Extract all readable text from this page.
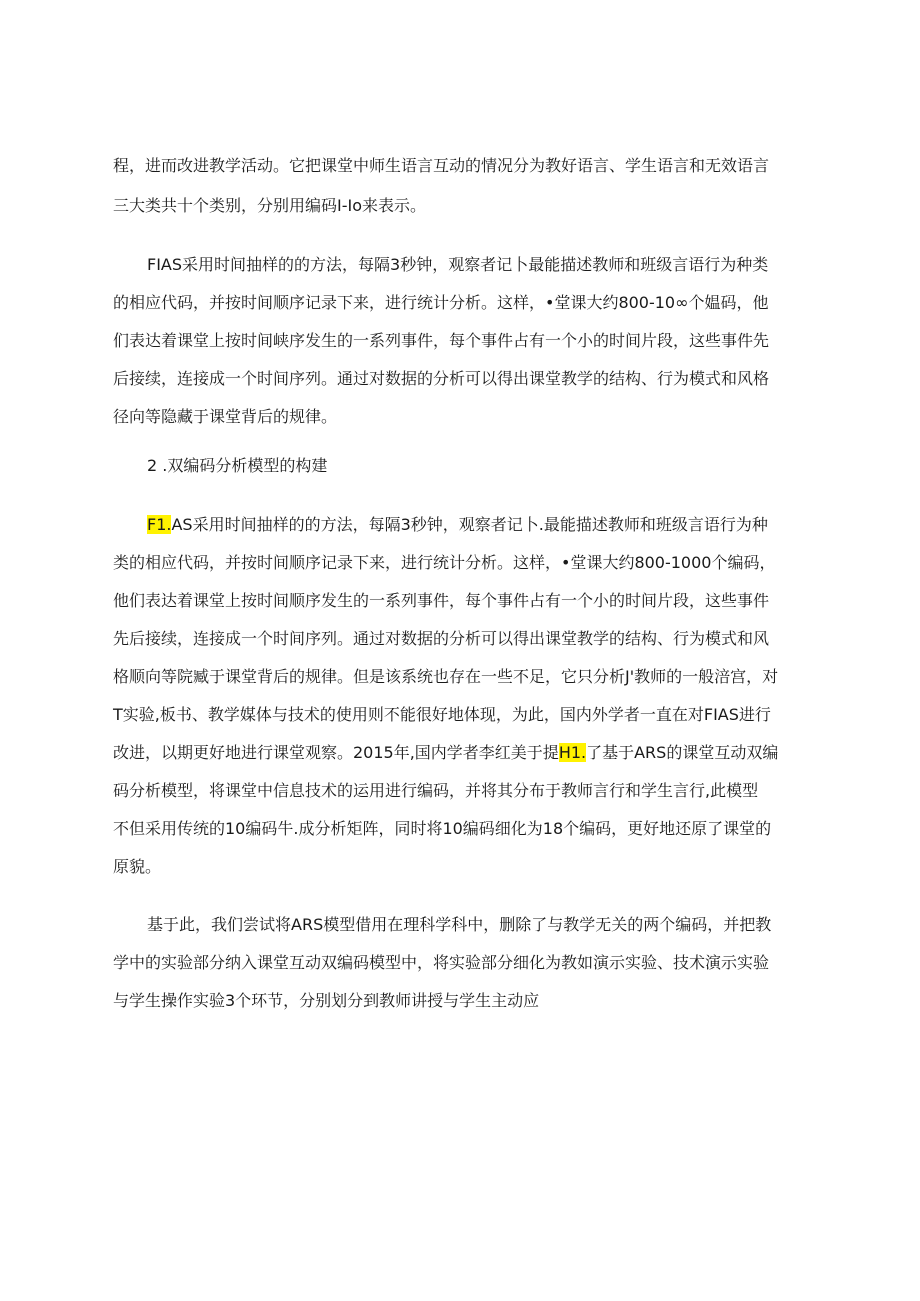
程，进而改进教学活动。它把课堂中师生语言互动的情况分为教好语言、学生语言和无效语言
三大类共十个类别，分别用编码I-Io来表示。
FIAS采用时间抽样的的方法，每隔3秒钟，观察者记卜最能描述教师和班级言语行为种类
的相应代码，并按时间顺序记录下来，进行统计分析。这样，•堂课大约800-10∞个媪码，他
们表达着课堂上按时间峡序发生的一系列事件，每个事件占有一个小的时间片段，这些事件先
后接续，连接成一个时间序列。通过对数据的分析可以得出课堂教学的结构、行为模式和风格
径向等隐藏于课堂背后的规律。
2 .双编码分析模型的构建
F1.AS采用时间抽样的的方法，每隔3秒钟，观察者记卜.最能描述教师和班级言语行为种
类的相应代码，并按时间顺序记录下来，进行统计分析。这样，•堂课大约800-1000个编码，
他们表达着课堂上按时间顺序发生的一系列事件，每个事件占有一个小的时间片段，这些事件
先后接续，连接成一个时间序列。通过对数据的分析可以得出课堂教学的结构、行为模式和风
格顺向等院臧于课堂背后的规律。但是该系统也存在一些不足，它只分析J'教师的一般涪宫，对
T实验,板书、教学媒体与技术的使用则不能很好地体现，为此，国内外学者一直在对FIAS进行
改进，以期更好地进行课堂观察。2015年,国内学者李红美于提H1.了基于ARS的课堂互动双编
码分析模型，将课堂中信息技术的运用进行编码，并将其分布于教师言行和学生言行,此模型
不但采用传统的10编码牛.成分析矩阵，同时将10编码细化为18个编码，更好地还原了课堂的
原貌。
基于此，我们尝试将ARS模型借用在理科学科中，删除了与教学无关的两个编码，并把教
学中的实验部分纳入课堂互动双编码模型中，将实验部分细化为教如演示实验、技术演示实验
与学生操作实验3个环节，分别划分到教师讲授与学生主动应
